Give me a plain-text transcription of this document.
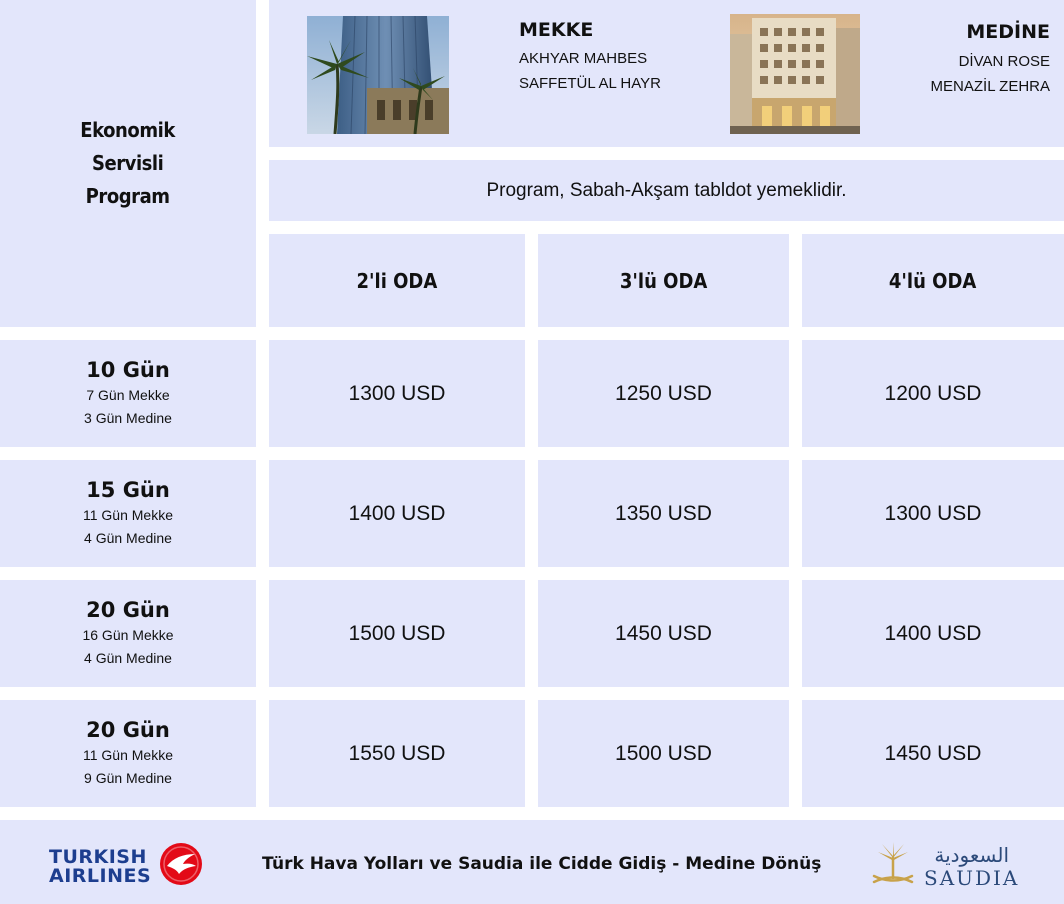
Ekonomik
Servisli
Program
MEKKE
AKHYAR MAHBES
SAFFETÜL AL HAYR
MEDİNE
DİVAN ROSE
MENAZİL ZEHRA
Program, Sabah-Akşam tabldot yemeklidir.
2'li ODA	3'lü ODA	4'lü ODA
10 Gün
7 Gün Mekke
3 Gün Medine
1300 USD	1250 USD	1200 USD
15 Gün
11 Gün Mekke
4 Gün Medine
1400 USD	1350 USD	1300 USD
20 Gün
16 Gün Mekke
4 Gün Medine
1500 USD	1450 USD	1400 USD
20 Gün
11 Gün Mekke
9 Gün Medine
1550 USD	1500 USD	1450 USD
TURKISH
AIRLINES
Türk Hava Yolları ve Saudia ile Cidde Gidiş - Medine Dönüş	السعودية
SAUDIA
